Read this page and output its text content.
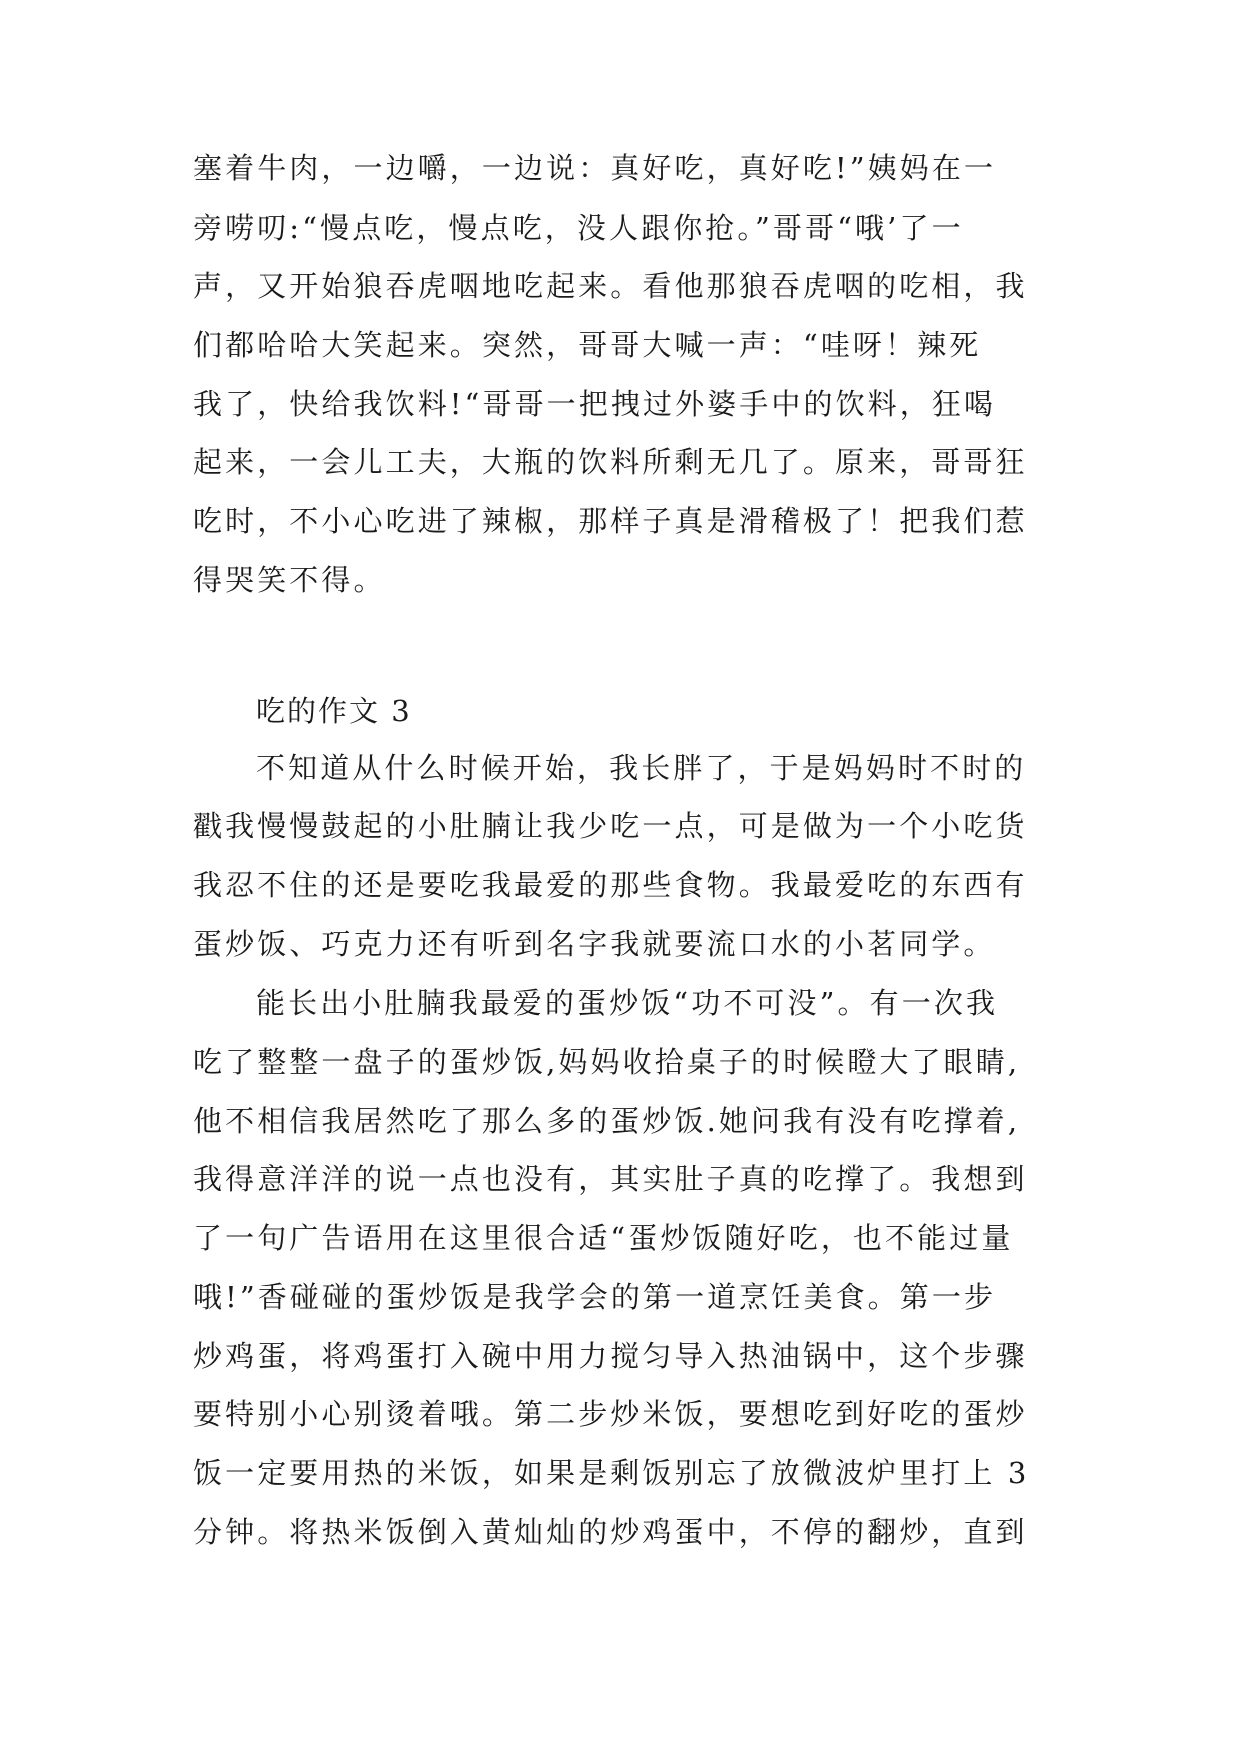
塞着牛肉，一边嚼，一边说：真好吃，真好吃!”姨妈在一
旁唠叨:“慢点吃，慢点吃，没人跟你抢。”哥哥“哦’了一
声，又开始狼吞虎咽地吃起来。看他那狼吞虎咽的吃相，我
们都哈哈大笑起来。突然，哥哥大喊一声：“哇呀！辣死
我了，快给我饮料!“哥哥一把拽过外婆手中的饮料，狂喝
起来，一会儿工夫，大瓶的饮料所剩无几了。原来，哥哥狂
吃时，不小心吃进了辣椒，那样子真是滑稽极了！把我们惹
得哭笑不得。
吃的作文 3
不知道从什么时候开始，我长胖了，于是妈妈时不时的
戳我慢慢鼓起的小肚腩让我少吃一点，可是做为一个小吃货
我忍不住的还是要吃我最爱的那些食物。我最爱吃的东西有
蛋炒饭、巧克力还有听到名字我就要流口水的小茗同学。
能长出小肚腩我最爱的蛋炒饭“功不可没”。有一次我
吃了整整一盘子的蛋炒饭,妈妈收拾桌子的时候瞪大了眼睛,
他不相信我居然吃了那么多的蛋炒饭.她问我有没有吃撑着,
我得意洋洋的说一点也没有，其实肚子真的吃撑了。我想到
了一句广告语用在这里很合适“蛋炒饭随好吃，也不能过量
哦!”香碰碰的蛋炒饭是我学会的第一道烹饪美食。第一步
炒鸡蛋，将鸡蛋打入碗中用力搅匀导入热油锅中，这个步骤
要特别小心别烫着哦。第二步炒米饭，要想吃到好吃的蛋炒
饭一定要用热的米饭，如果是剩饭别忘了放微波炉里打上 3
分钟。将热米饭倒入黄灿灿的炒鸡蛋中，不停的翻炒，直到
